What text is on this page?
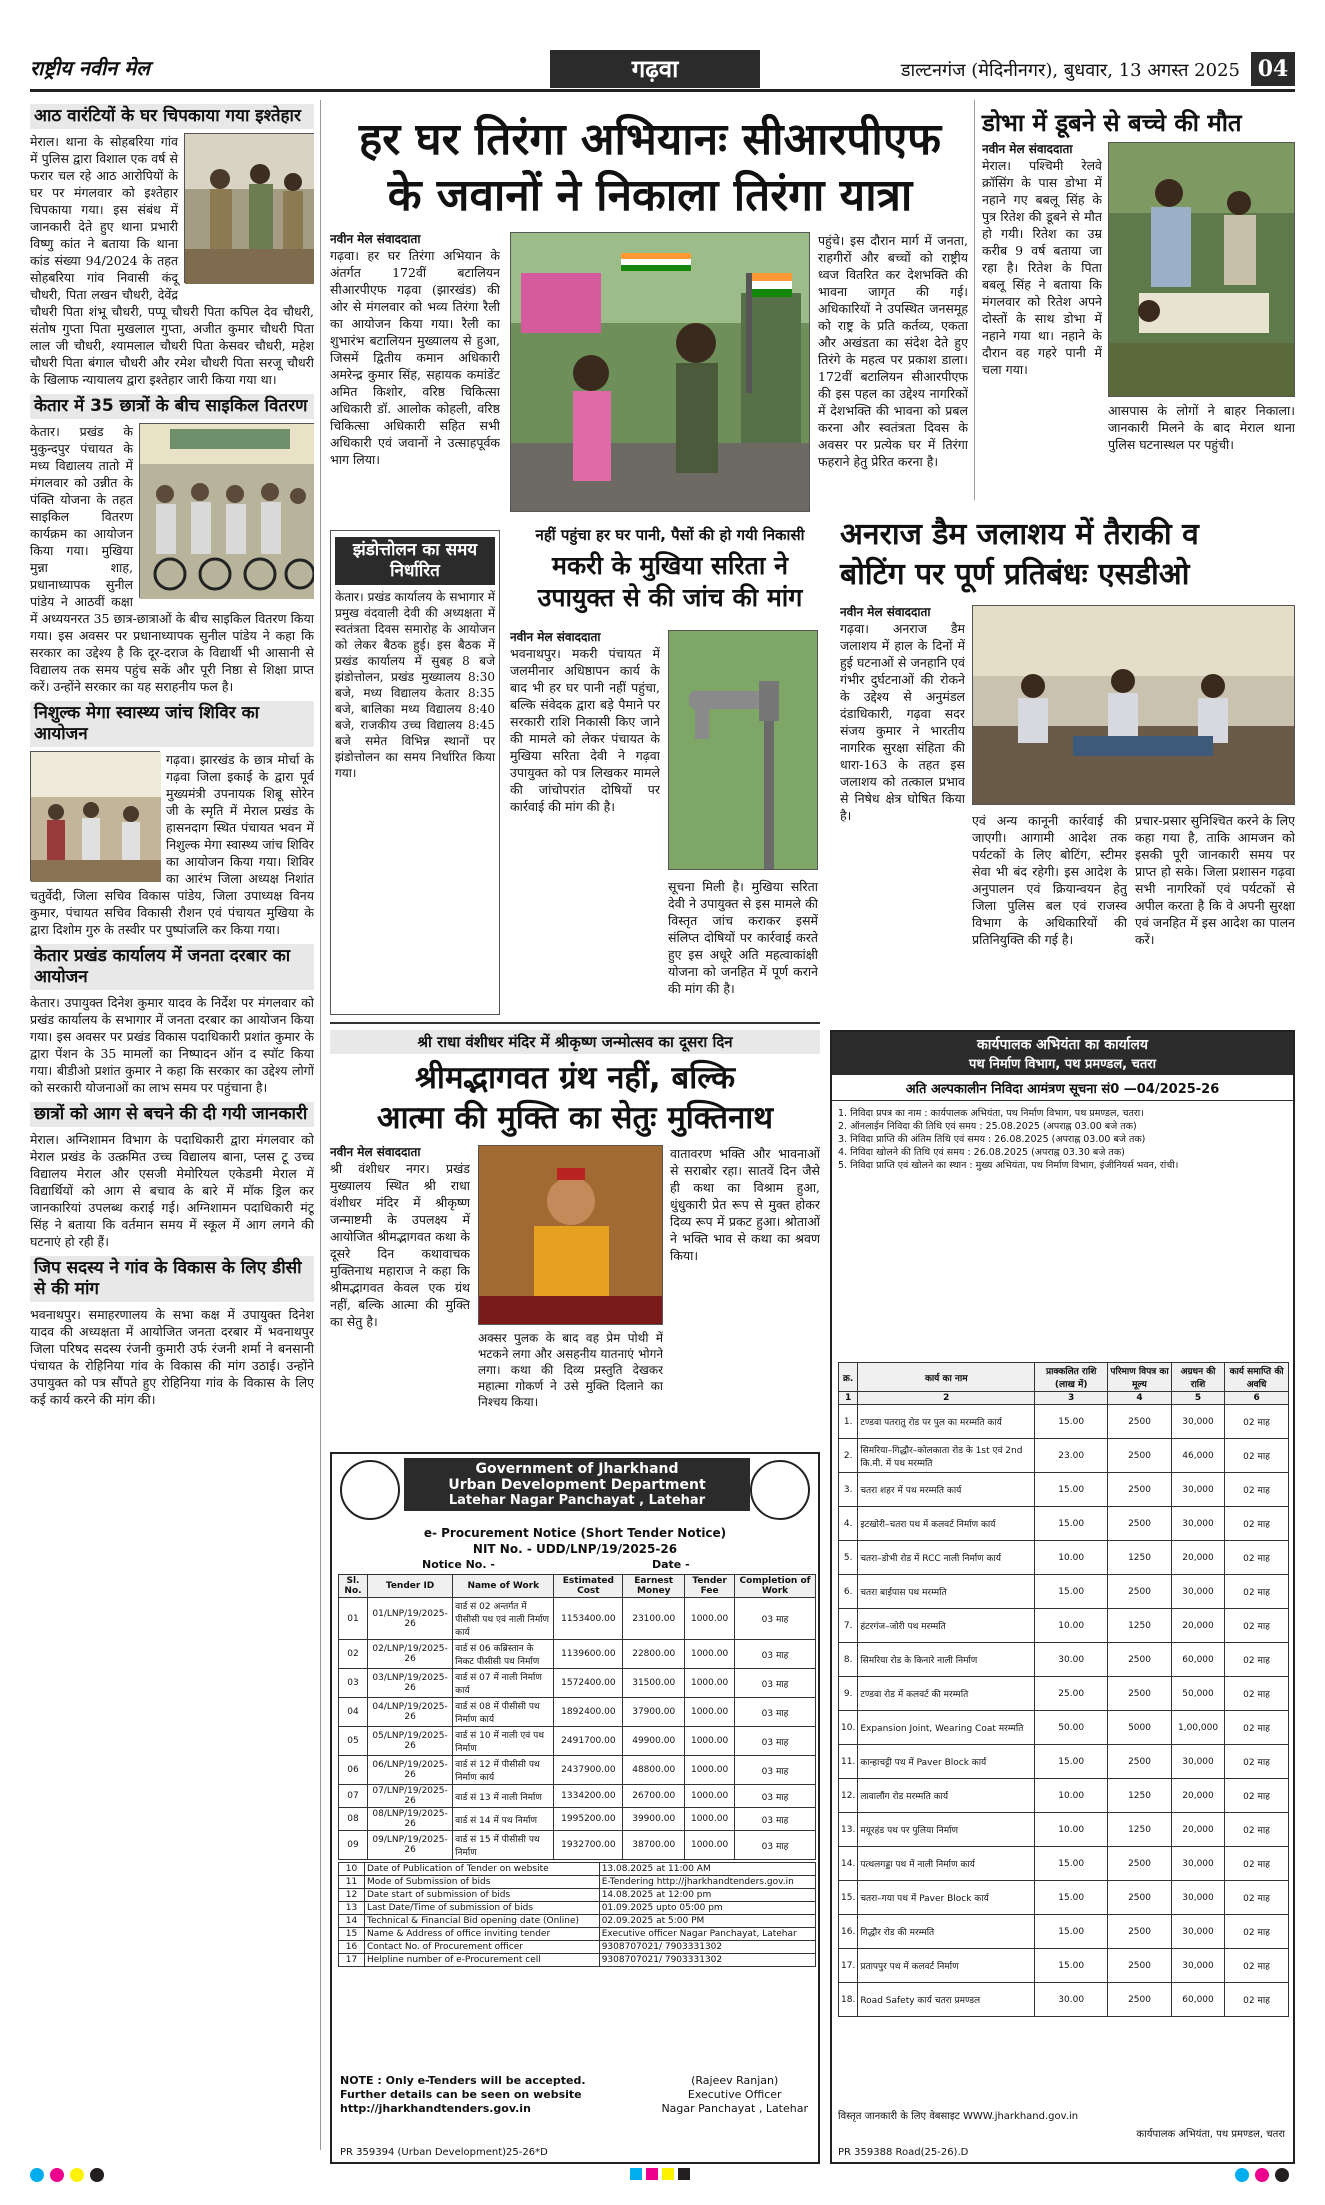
राष्ट्रीय नवीन मेल	गढ़वा	डाल्टनगंज (मेदिनीनगर), बुधवार, 13 अगस्त 2025 04
आठ वारंटियों के घर चिपकाया गया इश्तेहार
मेराल। थाना के सोहबरिया गांव में पुलिस द्वारा विशाल एक वर्ष से फरार चल रहे आठ आरोपियों के घर पर मंगलवार को इश्तेहार चिपकाया गया। इस संबंध में जानकारी देते हुए थाना प्रभारी विष्णु कांत ने बताया कि थाना कांड संख्या 94/2024 के तहत सोहबरिया गांव निवासी कंदू चौधरी, पिता लखन चौधरी, देवेंद्र चौधरी पिता शंभू चौधरी, पप्पू चौधरी पिता कपिल देव चौधरी, संतोष गुप्ता पिता मुखलाल गुप्ता, अजीत कुमार चौधरी पिता लाल जी चौधरी, श्यामलाल चौधरी पिता केसवर चौधरी, महेश चौधरी पिता बंगाल चौधरी और रमेश चौधरी पिता सरजू चौधरी के खिलाफ न्यायालय द्वारा इश्तेहार जारी किया गया था।
केतार में 35 छात्रों के बीच साइकिल वितरण
केतार। प्रखंड के मुकुन्दपुर पंचायत के मध्य विद्यालय तातो में मंगलवार को उन्नीत के पंक्ति योजना के तहत साइकिल वितरण कार्यक्रम का आयोजन किया गया। मुखिया मुन्ना शाह, प्रधानाध्यापक सुनील पांडेय ने आठवीं कक्षा में अध्ययनरत 35 छात्र-छात्राओं के बीच साइकिल वितरण किया गया। इस अवसर पर प्रधानाध्यापक सुनील पांडेय ने कहा कि सरकार का उद्देश्य है कि दूर-दराज के विद्यार्थी भी आसानी से विद्यालय तक समय पहुंच सकें और पूरी निष्ठा से शिक्षा प्राप्त करें। उन्होंने सरकार का यह सराहनीय फल है।
निशुल्क मेगा स्वास्थ्य जांच शिविर का आयोजन
गढ़वा। झारखंड के छात्र मोर्चा के गढ़वा जिला इकाई के द्वारा पूर्व मुख्यमंत्री उपनायक शिबू सोरेन जी के स्मृति में मेराल प्रखंड के हासनदाग स्थित पंचायत भवन में निशुल्क मेगा स्वास्थ्य जांच शिविर का आयोजन किया गया। शिविर का आरंभ जिला अध्यक्ष निशांत चतुर्वेदी, जिला सचिव विकास पांडेय, जिला उपाध्यक्ष विनय कुमार, पंचायत सचिव विकासी रौशन एवं पंचायत मुखिया के द्वारा दिशोम गुरु के तस्वीर पर पुष्पांजलि कर किया गया।
केतार प्रखंड कार्यालय में जनता दरबार का आयोजन
केतार। उपायुक्त दिनेश कुमार यादव के निर्देश पर मंगलवार को प्रखंड कार्यालय के सभागार में जनता दरबार का आयोजन किया गया। इस अवसर पर प्रखंड विकास पदाधिकारी प्रशांत कुमार के द्वारा पेंशन के 35 मामलों का निष्पादन ऑन द स्पॉट किया गया। बीडीओ प्रशांत कुमार ने कहा कि सरकार का उद्देश्य लोगों को सरकारी योजनाओं का लाभ समय पर पहुंचाना है।
छात्रों को आग से बचने की दी गयी जानकारी
मेराल। अग्निशामन विभाग के पदाधिकारी द्वारा मंगलवार को मेराल प्रखंड के उत्क्रमित उच्च विद्यालय बाना, प्लस टू उच्च विद्यालय मेराल और एसजी मेमोरियल एकेडमी मेराल में विद्यार्थियों को आग से बचाव के बारे में मॉक ड्रिल कर जानकारियां उपलब्ध कराई गई। अग्निशामन पदाधिकारी मंटू सिंह ने बताया कि वर्तमान समय में स्कूल में आग लगने की घटनाएं हो रही हैं।
जिप सदस्य ने गांव के विकास के लिए डीसी से की मांग
भवनाथपुर। समाहरणालय के सभा कक्ष में उपायुक्त दिनेश यादव की अध्यक्षता में आयोजित जनता दरबार में भवनाथपुर जिला परिषद सदस्य रंजनी कुमारी उर्फ रंजनी शर्मा ने बनसानी पंचायत के रोहिनिया गांव के विकास की मांग उठाई। उन्होंने उपायुक्त को पत्र सौंपते हुए रोहिनिया गांव के विकास के लिए कई कार्य करने की मांग की।
हर घर तिरंगा अभियानः सीआरपीएफ
के जवानों ने निकाला तिरंगा यात्रा
नवीन मेल संवाददाता
गढ़वा। हर घर तिरंगा अभियान के अंतर्गत 172वीं बटालियन सीआरपीएफ गढ़वा (झारखंड) की ओर से मंगलवार को भव्य तिरंगा रैली का आयोजन किया गया। रैली का शुभारंभ बटालियन मुख्यालय से हुआ, जिसमें द्वितीय कमान अधिकारी अमरेन्द्र कुमार सिंह, सहायक कमांडेंट अमित किशोर, वरिष्ठ चिकित्सा अधिकारी डॉ. आलोक कोहली, वरिष्ठ चिकित्सा अधिकारी सहित सभी अधिकारी एवं जवानों ने उत्साहपूर्वक भाग लिया।
पहुंचे। इस दौरान मार्ग में जनता, राहगीरों और बच्चों को राष्ट्रीय ध्वज वितरित कर देशभक्ति की भावना जागृत की गई। अधिकारियों ने उपस्थित जनसमूह को राष्ट्र के प्रति कर्तव्य, एकता और अखंडता का संदेश देते हुए तिरंगे के महत्व पर प्रकाश डाला। 172वीं बटालियन सीआरपीएफ की इस पहल का उद्देश्य नागरिकों में देशभक्ति की भावना को प्रबल करना और स्वतंत्रता दिवस के अवसर पर प्रत्येक घर में तिरंगा फहराने हेतु प्रेरित करना है।
डोभा में डूबने से बच्चे की मौत
नवीन मेल संवाददाता
मेराल। पश्चिमी रेलवे क्रॉसिंग के पास डोभा में नहाने गए बबलू सिंह के पुत्र रितेश की डूबने से मौत हो गयी। रितेश का उम्र करीब 9 वर्ष बताया जा रहा है। रितेश के पिता बबलू सिंह ने बताया कि मंगलवार को रितेश अपने दोस्तों के साथ डोभा में नहाने गया था। नहाने के दौरान वह गहरे पानी में चला गया।
आसपास के लोगों ने बाहर निकाला। जानकारी मिलने के बाद मेराल थाना पुलिस घटनास्थल पर पहुंची।
झंडोत्तोलन का समय निर्धारित
केतार। प्रखंड कार्यालय के सभागार में प्रमुख वंदवाली देवी की अध्यक्षता में स्वतंत्रता दिवस समारोह के आयोजन को लेकर बैठक हुई। इस बैठक में प्रखंड कार्यालय में सुबह 8 बजे झंडोत्तोलन, प्रखंड मुख्यालय 8:30 बजे, मध्य विद्यालय केतार 8:35 बजे, बालिका मध्य विद्यालय 8:40 बजे, राजकीय उच्च विद्यालय 8:45 बजे समेत विभिन्न स्थानों पर झंडोत्तोलन का समय निर्धारित किया गया।
नहीं पहुंचा हर घर पानी, पैसों की हो गयी निकासी
मकरी के मुखिया सरिता ने उपायुक्त से की जांच की मांग
नवीन मेल संवाददाता
भवनाथपुर। मकरी पंचायत में जलमीनार अधिष्ठापन कार्य के बाद भी हर घर पानी नहीं पहुंचा, बल्कि संवेदक द्वारा बड़े पैमाने पर सरकारी राशि निकासी किए जाने की मामले को लेकर पंचायत के मुखिया सरिता देवी ने गढ़वा उपायुक्त को पत्र लिखकर मामले की जांचोपरांत दोषियों पर कार्रवाई की मांग की है।
सूचना मिली है। मुखिया सरिता देवी ने उपायुक्त से इस मामले की विस्तृत जांच कराकर इसमें संलिप्त दोषियों पर कार्रवाई करते हुए इस अधूरे अति महत्वाकांक्षी योजना को जनहित में पूर्ण कराने की मांग की है।
अनराज डैम जलाशय में तैराकी व
बोटिंग पर पूर्ण प्रतिबंधः एसडीओ
नवीन मेल संवाददाता
गढ़वा। अनराज डैम जलाशय में हाल के दिनों में हुई घटनाओं से जनहानि एवं गंभीर दुर्घटनाओं की रोकने के उद्देश्य से अनुमंडल दंडाधिकारी, गढ़वा सदर संजय कुमार ने भारतीय नागरिक सुरक्षा संहिता की धारा-163 के तहत इस जलाशय को तत्काल प्रभाव से निषेध क्षेत्र घोषित किया है।	एवं अन्य कानूनी कार्रवाई की जाएगी। आगामी आदेश तक पर्यटकों के लिए बोटिंग, स्टीमर सेवा भी बंद रहेगी। इस आदेश के अनुपालन एवं क्रियान्वयन हेतु जिला पुलिस बल एवं राजस्व विभाग के अधिकारियों की प्रतिनियुक्ति की गई है।
प्रचार-प्रसार सुनिश्चित करने के लिए कहा गया है, ताकि आमजन को इसकी पूरी जानकारी समय पर प्राप्त हो सके। जिला प्रशासन गढ़वा सभी नागरिकों एवं पर्यटकों से अपील करता है कि वे अपनी सुरक्षा एवं जनहित में इस आदेश का पालन करें।
श्री राधा वंशीधर मंदिर में श्रीकृष्ण जन्मोत्सव का दूसरा दिन
श्रीमद्भागवत ग्रंथ नहीं, बल्कि
आत्मा की मुक्ति का सेतुः मुक्तिनाथ
नवीन मेल संवाददाता
श्री वंशीधर नगर। प्रखंड मुख्यालय स्थित श्री राधा वंशीधर मंदिर में श्रीकृष्ण जन्माष्टमी के उपलक्ष्य में आयोजित श्रीमद्भागवत कथा के दूसरे दिन कथावाचक मुक्तिनाथ महाराज ने कहा कि श्रीमद्भागवत केवल एक ग्रंथ नहीं, बल्कि आत्मा की मुक्ति का सेतु है।
अक्सर पुलक के बाद वह प्रेम पोथी में भटकने लगा और असहनीय यातनाएं भोगने लगा। कथा की दिव्य प्रस्तुति देखकर महात्मा गोकर्ण ने उसे मुक्ति दिलाने का निश्चय किया।
वातावरण भक्ति और भावनाओं से सराबोर रहा। सातवें दिन जैसे ही कथा का विश्राम हुआ, धुंधुकारी प्रेत रूप से मुक्त होकर दिव्य रूप में प्रकट हुआ। श्रोताओं ने भक्ति भाव से कथा का श्रवण किया।
Government of Jharkhand
Urban Development Department
Latehar Nagar Panchayat , Latehar
e- Procurement Notice (Short Tender Notice)
NIT No. - UDD/LNP/19/2025-26
Notice No. -	Date -
Sl. No.	Tender ID	Name of Work	Estimated Cost	Earnest Money	Tender Fee	Completion of Work
01	01/LNP/19/2025-26	वार्ड सं 02 अन्तर्गत में पीसीसी पथ एवं नाली निर्माण कार्य	1153400.00	23100.00	1000.00	03 माह
02	02/LNP/19/2025-26	वार्ड सं 06 कब्रिस्तान के निकट पीसीसी पथ निर्माण	1139600.00	22800.00	1000.00	03 माह
03	03/LNP/19/2025-26	वार्ड सं 07 में नाली निर्माण कार्य	1572400.00	31500.00	1000.00	03 माह
04	04/LNP/19/2025-26	वार्ड सं 08 में पीसीसी पथ निर्माण कार्य	1892400.00	37900.00	1000.00	03 माह
05	05/LNP/19/2025-26	वार्ड सं 10 में नाली एवं पथ निर्माण	2491700.00	49900.00	1000.00	03 माह
06	06/LNP/19/2025-26	वार्ड सं 12 में पीसीसी पथ निर्माण कार्य	2437900.00	48800.00	1000.00	03 माह
07	07/LNP/19/2025-26	वार्ड सं 13 में नाली निर्माण	1334200.00	26700.00	1000.00	03 माह
08	08/LNP/19/2025-26	वार्ड सं 14 में पथ निर्माण	1995200.00	39900.00	1000.00	03 माह
09	09/LNP/19/2025-26	वार्ड सं 15 में पीसीसी पथ निर्माण	1932700.00	38700.00	1000.00	03 माह
10	Date of Publication of Tender on website	13.08.2025 at 11:00 AM
11	Mode of Submission of bids	E-Tendering http://jharkhandtenders.gov.in
12	Date start of submission of bids	14.08.2025 at 12:00 pm
13	Last Date/Time of submission of bids	01.09.2025 upto 05:00 pm
14	Technical & Financial Bid opening date (Online)	02.09.2025 at 5:00 PM
15	Name & Address of office inviting tender	Executive officer Nagar Panchayat, Latehar
16	Contact No. of Procurement officer	9308707021/ 7903331302
17	Helpline number of e-Procurement cell	9308707021/ 7903331302
NOTE : Only e-Tenders will be accepted.
Further details can be seen on website
http://jharkhandtenders.gov.in
(Rajeev Ranjan)
Executive Officer
Nagar Panchayat , Latehar
PR 359394 (Urban Development)25-26*D
कार्यपालक अभियंता का कार्यालय
पथ निर्माण विभाग, पथ प्रमण्डल, चतरा
अति अल्पकालीन निविदा आमंत्रण सूचना सं0 —04/2025-26
1. निविदा प्रपत्र का नाम : कार्यपालक अभियंता, पथ निर्माण विभाग, पथ प्रमण्डल, चतरा।
2. ऑनलाईन निविदा की तिथि एवं समय : 25.08.2025 (अपराह्न 03.00 बजे तक)
3. निविदा प्राप्ति की अंतिम तिथि एवं समय : 26.08.2025 (अपराह्न 03.00 बजे तक)
4. निविदा खोलने की तिथि एवं समय : 26.08.2025 (अपराह्न 03.30 बजे तक)
5. निविदा प्राप्ति एवं खोलने का स्थान : मुख्य अभियंता, पथ निर्माण विभाग, इंजीनियर्स भवन, रांची।
क्र.	कार्य का नाम	प्राक्कलित राशि (लाख में)	परिमाण विपत्र का मूल्य	अग्रधन की राशि	कार्य समाप्ति की अवधि
1	2	3	4	5	6
1.	टण्डवा पतरातु रोड पर पुल का मरम्मति कार्य	15.00	2500	30,000	02 माह
2.	सिमरिया–गिद्धौर–कोलकाता रोड के 1st एवं 2nd कि.मी. में पथ मरम्मति	23.00	2500	46,000	02 माह
3.	चतरा शहर में पथ मरम्मति कार्य	15.00	2500	30,000	02 माह
4.	इटखोरी–चतरा पथ में कलवर्ट निर्माण कार्य	15.00	2500	30,000	02 माह
5.	चतरा–डोभी रोड में RCC नाली निर्माण कार्य	10.00	1250	20,000	02 माह
6.	चतरा बाईपास पथ मरम्मति	15.00	2500	30,000	02 माह
7.	हंटरगंज–जोरी पथ मरम्मति	10.00	1250	20,000	02 माह
8.	सिमरिया रोड के किनारे नाली निर्माण	30.00	2500	60,000	02 माह
9.	टण्डवा रोड में कलवर्ट की मरम्मति	25.00	2500	50,000	02 माह
10.	Expansion Joint, Wearing Coat मरम्मति	50.00	5000	1,00,000	02 माह
11.	कान्हाचट्टी पथ में Paver Block कार्य	15.00	2500	30,000	02 माह
12.	लावालौंग रोड मरम्मति कार्य	10.00	1250	20,000	02 माह
13.	मयूरहंड पथ पर पुलिया निर्माण	10.00	1250	20,000	02 माह
14.	पत्थलगड्डा पथ में नाली निर्माण कार्य	15.00	2500	30,000	02 माह
15.	चतरा–गया पथ में Paver Block कार्य	15.00	2500	30,000	02 माह
16.	गिद्धौर रोड की मरम्मति	15.00	2500	30,000	02 माह
17.	प्रतापपुर पथ में कलवर्ट निर्माण	15.00	2500	30,000	02 माह
18.	Road Safety कार्य चतरा प्रमण्डल	30.00	2500	60,000	02 माह
विस्तृत जानकारी के लिए वेबसाइट WWW.jharkhand.gov.in
कार्यपालक अभियंता, पथ प्रमण्डल, चतरा
PR 359388 Road(25-26).D
